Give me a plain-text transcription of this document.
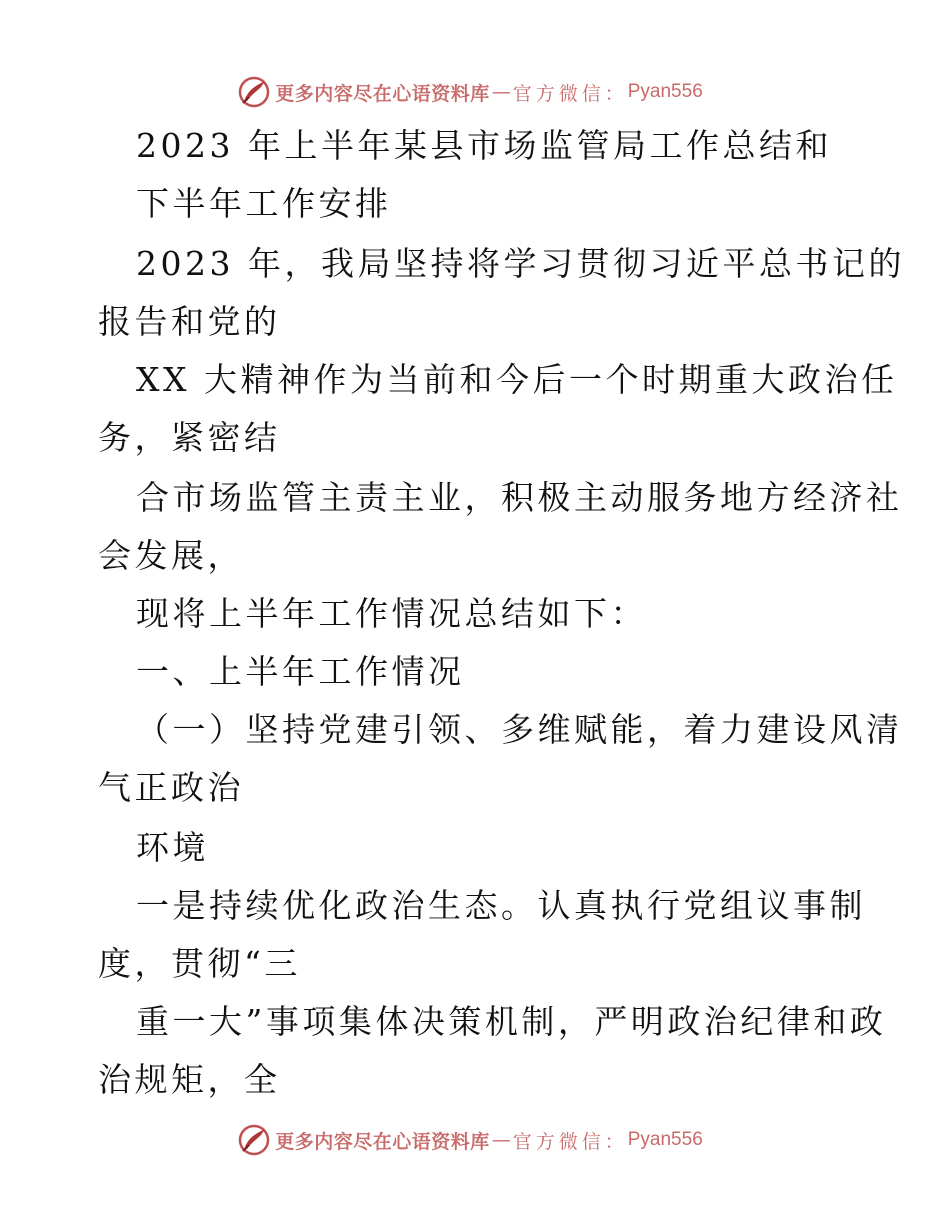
更多内容尽在心语资料库 — 官方微信： Pyan556
2023 年上半年某县市场监管局工作总结和
下半年工作安排
2023 年，我局坚持将学习贯彻习近平总书记的
报告和党的
XX 大精神作为当前和今后一个时期重大政治任
务，紧密结
合市场监管主责主业，积极主动服务地方经济社
会发展，
现将上半年工作情况总结如下：
一、上半年工作情况
（一）坚持党建引领、多维赋能，着力建设风清
气正政治
环境
一是持续优化政治生态。认真执行党组议事制
度，贯彻“三
重一大”事项集体决策机制，严明政治纪律和政
治规矩，全
更多内容尽在心语资料库 — 官方微信： Pyan556
